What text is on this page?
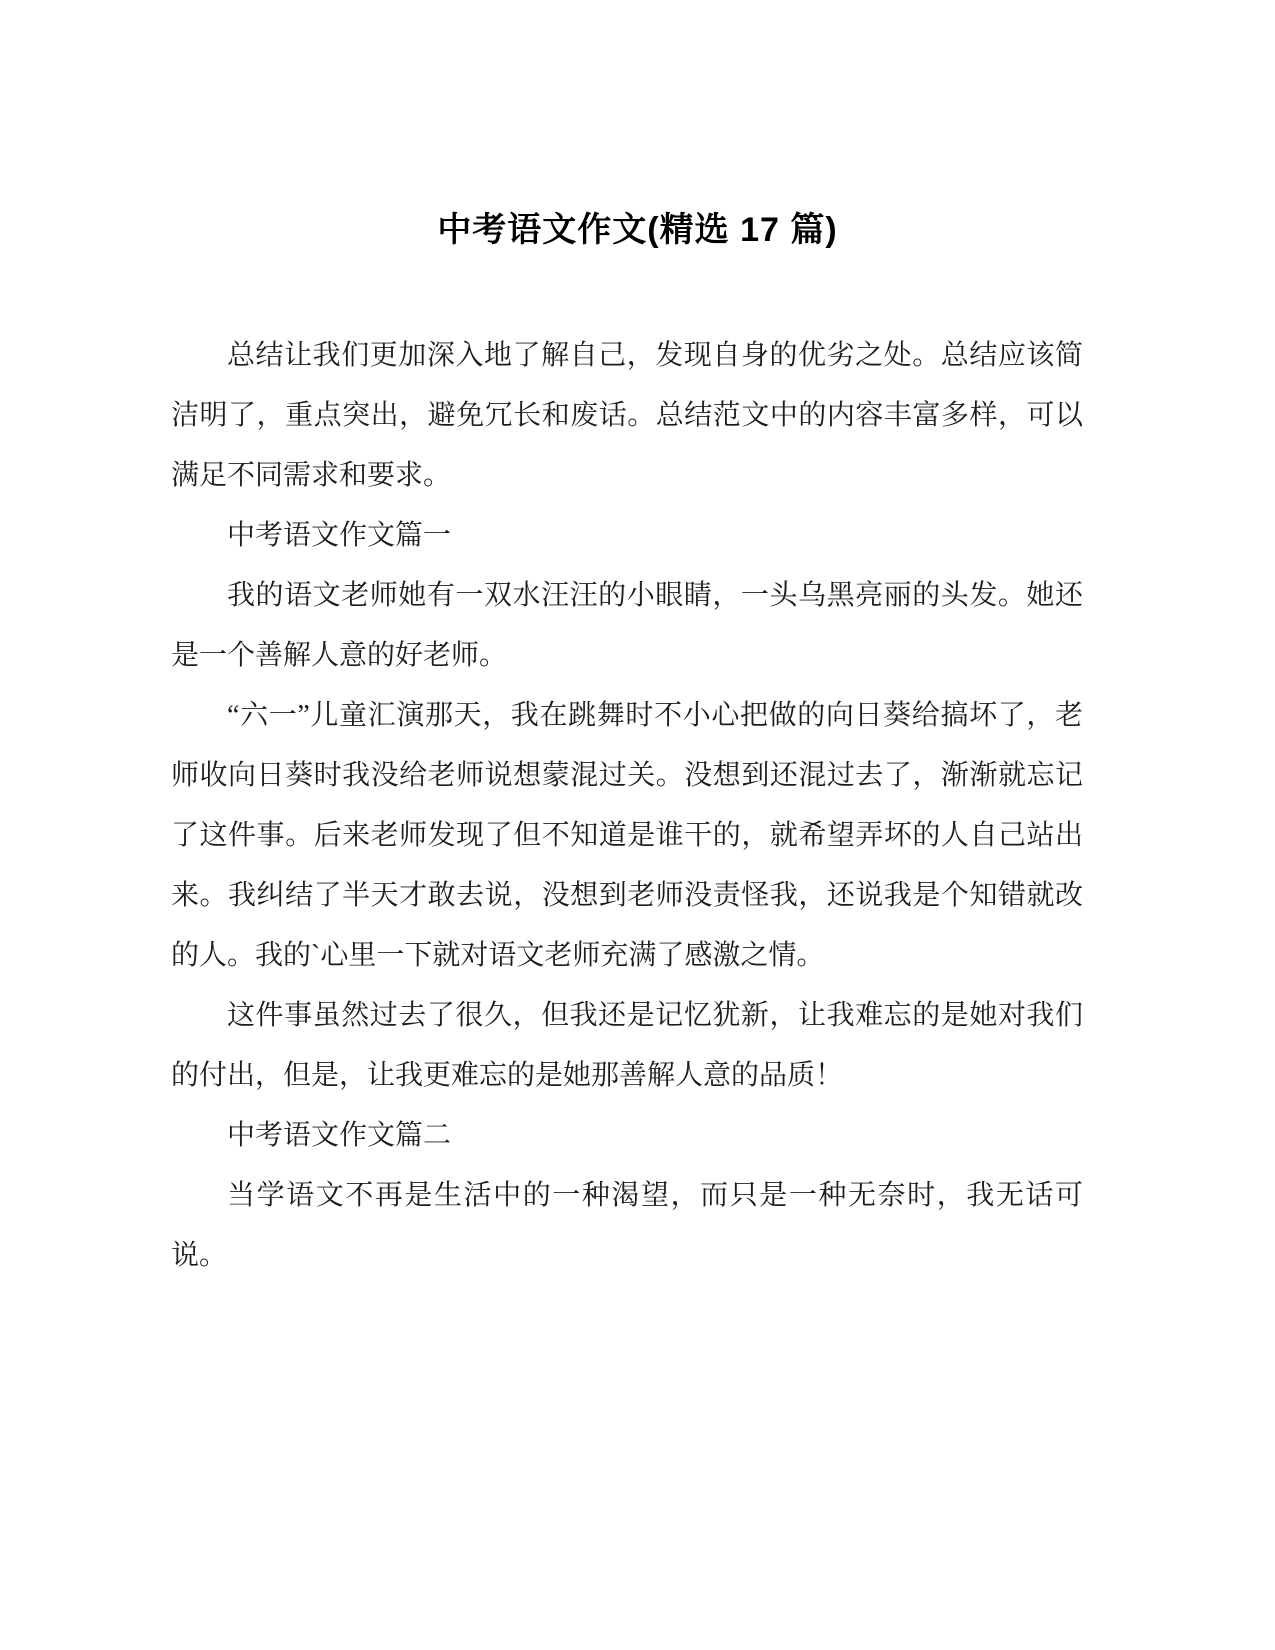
中考语文作文(精选 17 篇)

总结让我们更加深入地了解自己，发现自身的优劣之处。总结应该简洁明了，重点突出，避免冗长和废话。总结范文中的内容丰富多样，可以满足不同需求和要求。

中考语文作文篇一

我的语文老师她有一双水汪汪的小眼睛，一头乌黑亮丽的头发。她还是一个善解人意的好老师。

“六一”儿童汇演那天，我在跳舞时不小心把做的向日葵给搞坏了，老师收向日葵时我没给老师说想蒙混过关。没想到还混过去了，渐渐就忘记了这件事。后来老师发现了但不知道是谁干的，就希望弄坏的人自己站出来。我纠结了半天才敢去说，没想到老师没责怪我，还说我是个知错就改的人。我的`心里一下就对语文老师充满了感激之情。

这件事虽然过去了很久，但我还是记忆犹新，让我难忘的是她对我们的付出，但是，让我更难忘的是她那善解人意的品质！

中考语文作文篇二

当学语文不再是生活中的一种渴望，而只是一种无奈时，我无话可说。
